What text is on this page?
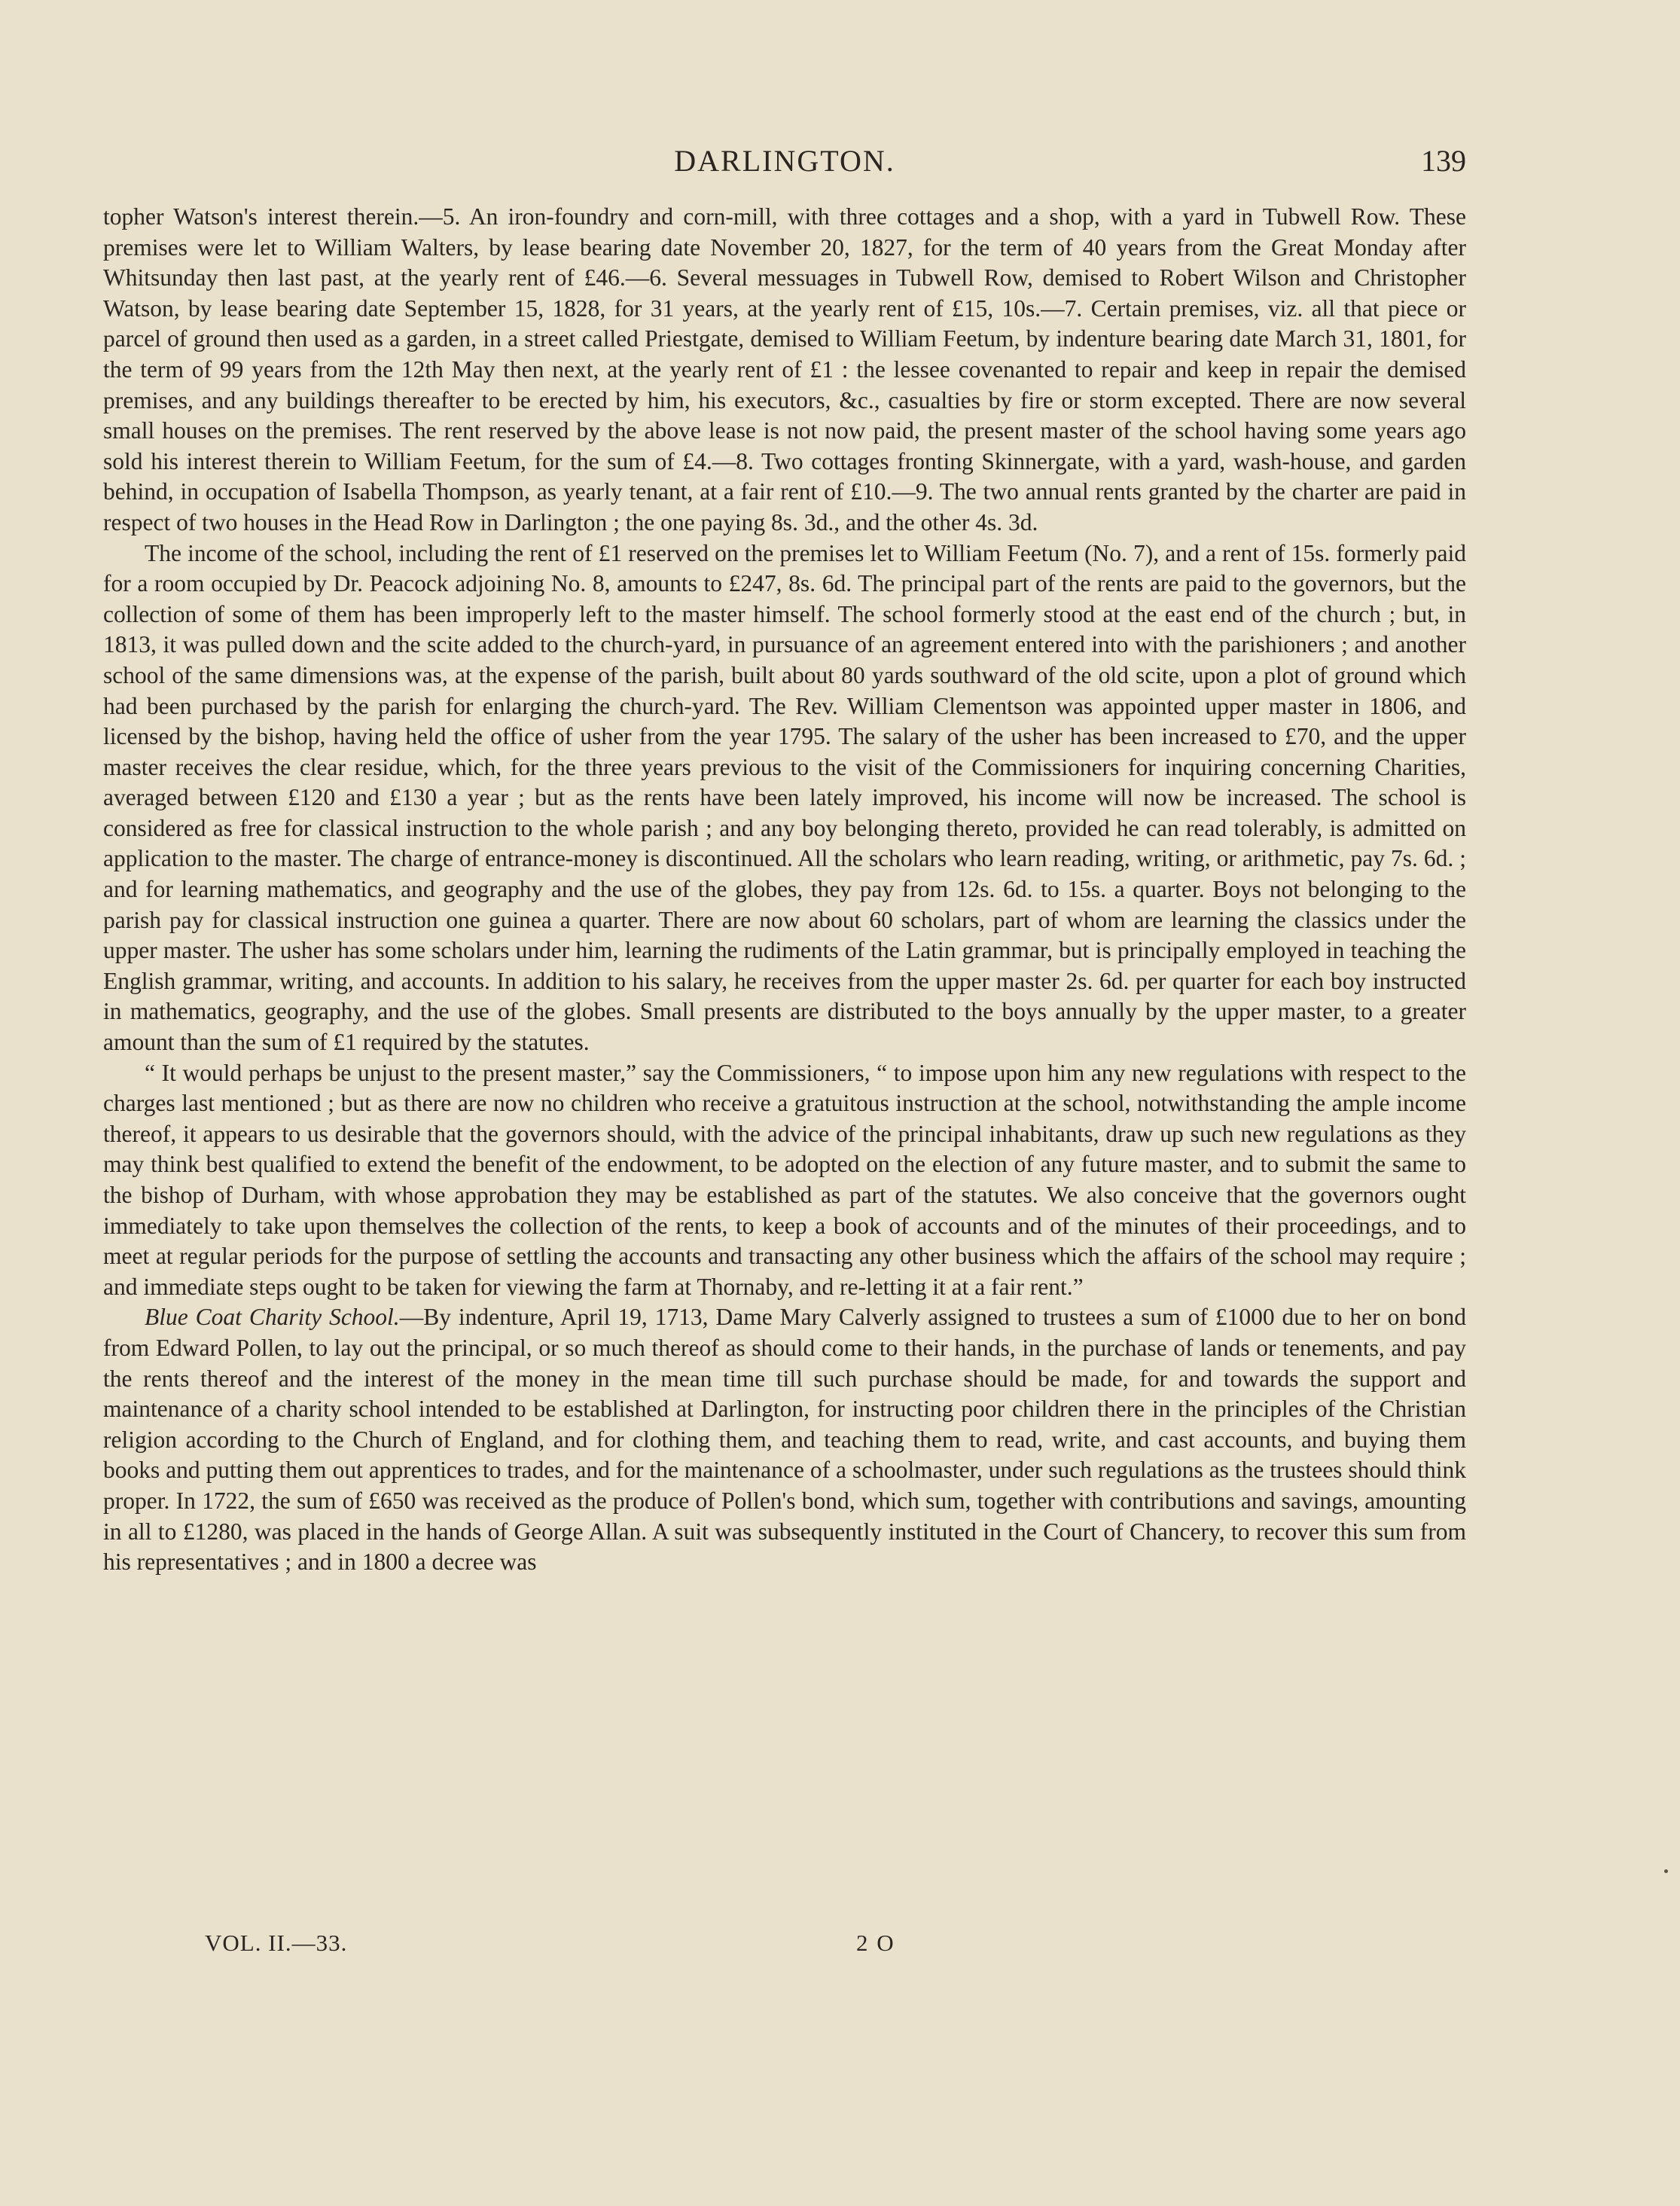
DARLINGTON.	139

topher Watson's interest therein.—5. An iron-foundry and corn-mill, with three cottages and a shop, with a yard in Tubwell Row. These premises were let to William Walters, by lease bearing date November 20, 1827, for the term of 40 years from the Great Monday after Whitsunday then last past, at the yearly rent of £46.—6. Several messuages in Tubwell Row, demised to Robert Wilson and Christopher Watson, by lease bearing date September 15, 1828, for 31 years, at the yearly rent of £15, 10s.—7. Certain premises, viz. all that piece or parcel of ground then used as a garden, in a street called Priestgate, demised to William Feetum, by indenture bearing date March 31, 1801, for the term of 99 years from the 12th May then next, at the yearly rent of £1 : the lessee covenanted to repair and keep in repair the demised premises, and any buildings thereafter to be erected by him, his executors, &c., casualties by fire or storm excepted. There are now several small houses on the premises. The rent reserved by the above lease is not now paid, the present master of the school having some years ago sold his interest therein to William Feetum, for the sum of £4.—8. Two cottages fronting Skinnergate, with a yard, wash-house, and garden behind, in occupation of Isabella Thompson, as yearly tenant, at a fair rent of £10.—9. The two annual rents granted by the charter are paid in respect of two houses in the Head Row in Darlington ; the one paying 8s. 3d., and the other 4s. 3d.

The income of the school, including the rent of £1 reserved on the premises let to William Feetum (No. 7), and a rent of 15s. formerly paid for a room occupied by Dr. Peacock adjoining No. 8, amounts to £247, 8s. 6d. The principal part of the rents are paid to the governors, but the collection of some of them has been improperly left to the master himself. The school formerly stood at the east end of the church ; but, in 1813, it was pulled down and the scite added to the church-yard, in pursuance of an agreement entered into with the parishioners ; and another school of the same dimensions was, at the expense of the parish, built about 80 yards southward of the old scite, upon a plot of ground which had been purchased by the parish for enlarging the church-yard. The Rev. William Clementson was appointed upper master in 1806, and licensed by the bishop, having held the office of usher from the year 1795. The salary of the usher has been increased to £70, and the upper master receives the clear residue, which, for the three years previous to the visit of the Commissioners for inquiring concerning Charities, averaged between £120 and £130 a year ; but as the rents have been lately improved, his income will now be increased. The school is considered as free for classical instruction to the whole parish ; and any boy belonging thereto, provided he can read tolerably, is admitted on application to the master. The charge of entrance-money is discontinued. All the scholars who learn reading, writing, or arithmetic, pay 7s. 6d. ; and for learning mathematics, and geography and the use of the globes, they pay from 12s. 6d. to 15s. a quarter. Boys not belonging to the parish pay for classical instruction one guinea a quarter. There are now about 60 scholars, part of whom are learning the classics under the upper master. The usher has some scholars under him, learning the rudiments of the Latin grammar, but is principally employed in teaching the English grammar, writing, and accounts. In addition to his salary, he receives from the upper master 2s. 6d. per quarter for each boy instructed in mathematics, geography, and the use of the globes. Small presents are distributed to the boys annually by the upper master, to a greater amount than the sum of £1 required by the statutes.

“ It would perhaps be unjust to the present master,” say the Commissioners, “ to impose upon him any new regulations with respect to the charges last mentioned ; but as there are now no children who receive a gratuitous instruction at the school, notwithstanding the ample income thereof, it appears to us desirable that the governors should, with the advice of the principal inhabitants, draw up such new regulations as they may think best qualified to extend the benefit of the endowment, to be adopted on the election of any future master, and to submit the same to the bishop of Durham, with whose approbation they may be established as part of the statutes. We also conceive that the governors ought immediately to take upon themselves the collection of the rents, to keep a book of accounts and of the minutes of their proceedings, and to meet at regular periods for the purpose of settling the accounts and transacting any other business which the affairs of the school may require ; and immediate steps ought to be taken for viewing the farm at Thornaby, and re-letting it at a fair rent.”

Blue Coat Charity School.—By indenture, April 19, 1713, Dame Mary Calverly assigned to trustees a sum of £1000 due to her on bond from Edward Pollen, to lay out the principal, or so much thereof as should come to their hands, in the purchase of lands or tenements, and pay the rents thereof and the interest of the money in the mean time till such purchase should be made, for and towards the support and maintenance of a charity school intended to be established at Darlington, for instructing poor children there in the principles of the Christian religion according to the Church of England, and for clothing them, and teaching them to read, write, and cast accounts, and buying them books and putting them out apprentices to trades, and for the maintenance of a schoolmaster, under such regulations as the trustees should think proper. In 1722, the sum of £650 was received as the produce of Pollen's bond, which sum, together with contributions and savings, amounting in all to £1280, was placed in the hands of George Allan. A suit was subsequently instituted in the Court of Chancery, to recover this sum from his representatives ; and in 1800 a decree was

VOL. II.—33.	2 O
